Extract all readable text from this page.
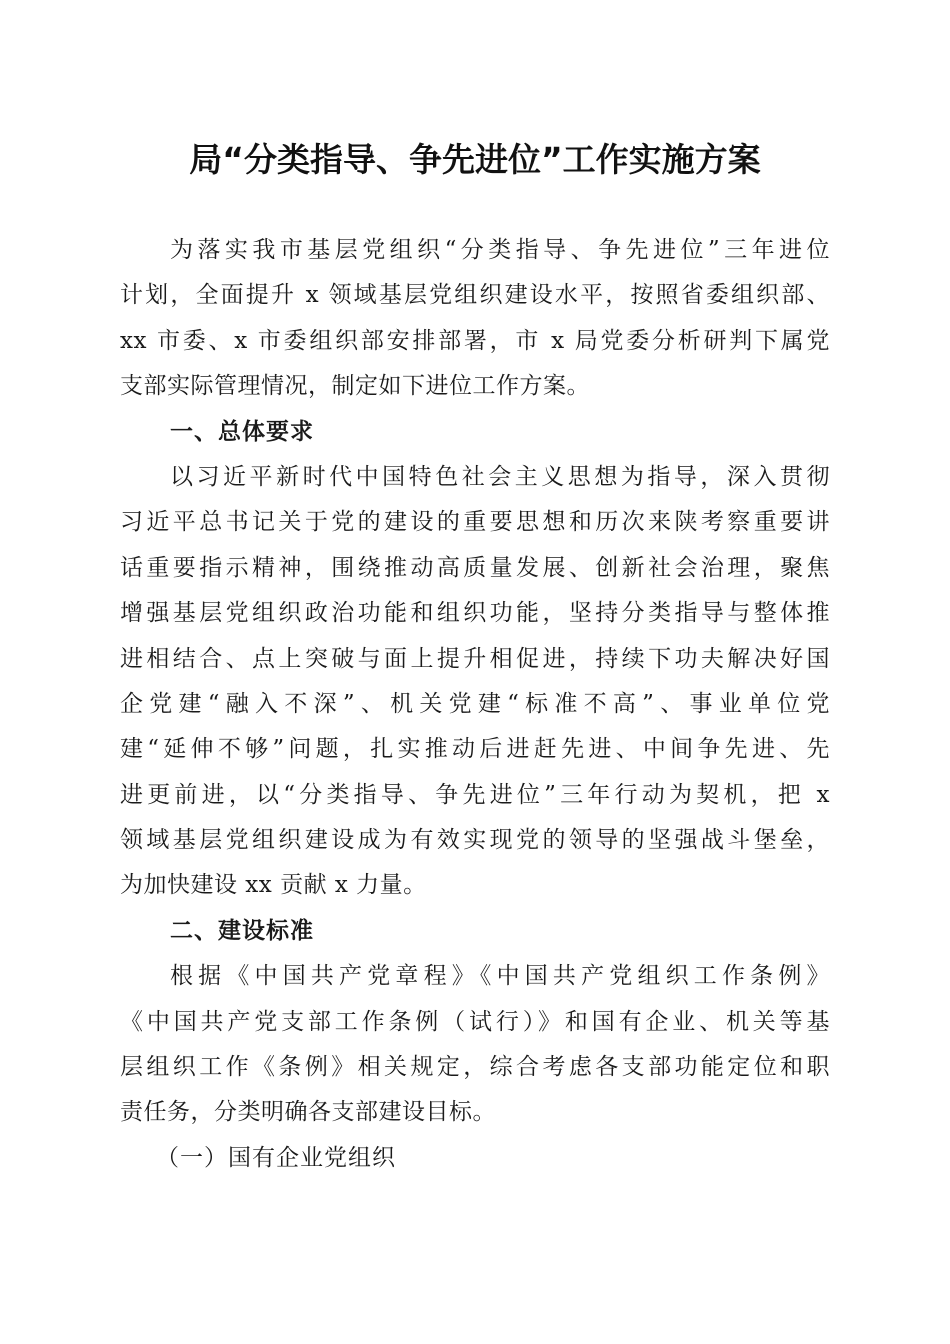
局“分类指导、争先进位”工作实施方案
为落实我市基层党组织“分类指导、争先进位”三年进位
计划，全面提升 x 领域基层党组织建设水平，按照省委组织部、
xx 市委、x 市委组织部安排部署，市 x 局党委分析研判下属党
支部实际管理情况，制定如下进位工作方案。
一、总体要求
以习近平新时代中国特色社会主义思想为指导，深入贯彻
习近平总书记关于党的建设的重要思想和历次来陕考察重要讲
话重要指示精神，围绕推动高质量发展、创新社会治理，聚焦
增强基层党组织政治功能和组织功能，坚持分类指导与整体推
进相结合、点上突破与面上提升相促进，持续下功夫解决好国
企党建“融入不深”、机关党建“标准不高”、事业单位党
建“延伸不够”问题，扎实推动后进赶先进、中间争先进、先
进更前进，以“分类指导、争先进位”三年行动为契机，把 x
领域基层党组织建设成为有效实现党的领导的坚强战斗堡垒，
为加快建设 xx 贡献 x 力量。
二、建设标准
根据《中国共产党章程》《中国共产党组织工作条例》
《中国共产党支部工作条例（试行）》和国有企业、机关等基
层组织工作《条例》相关规定，综合考虑各支部功能定位和职
责任务，分类明确各支部建设目标。
（一）国有企业党组织
